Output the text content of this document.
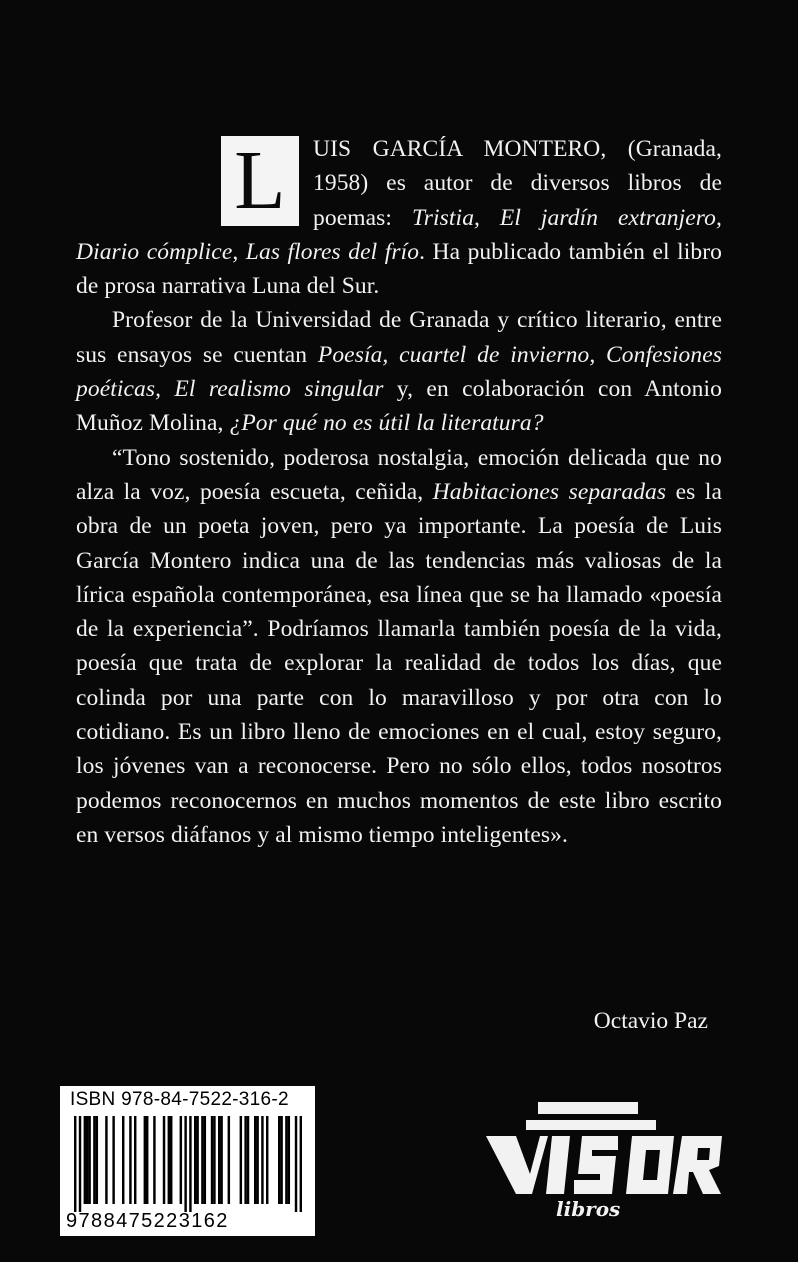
L	UIS GARCÍA MONTERO, (Granada, 1958) es autor de diversos libros de poemas: Tristia, El jardín extranjero, Diario cómplice, Las flores del frío. Ha publicado también el libro de prosa narrativa Luna del Sur.

Profesor de la Universidad de Granada y crítico literario, entre sus ensayos se cuentan Poesía, cuartel de invierno, Confesiones poéticas, El realismo singular y, en colaboración con Antonio Muñoz Molina, ¿Por qué no es útil la literatura?

“Tono sostenido, poderosa nostalgia, emoción delicada que no alza la voz, poesía escueta, ceñida, Habitaciones separadas es la obra de un poeta joven, pero ya importante. La poesía de Luis García Montero indica una de las tendencias más valiosas de la lírica española contemporánea, esa línea que se ha llamado «poesía de la experiencia”. Podríamos llamarla también poesía de la vida, poesía que trata de explorar la realidad de todos los días, que colinda por una parte con lo maravilloso y por otra con lo cotidiano. Es un libro lleno de emociones en el cual, estoy seguro, los jóvenes van a reconocerse. Pero no sólo ellos, todos nosotros podemos reconocernos en muchos momentos de este libro escrito en versos diáfanos y al mismo tiempo inteligentes».

Octavio Paz
ISBN 978-84-7522-316-2
9788475223162	libros
